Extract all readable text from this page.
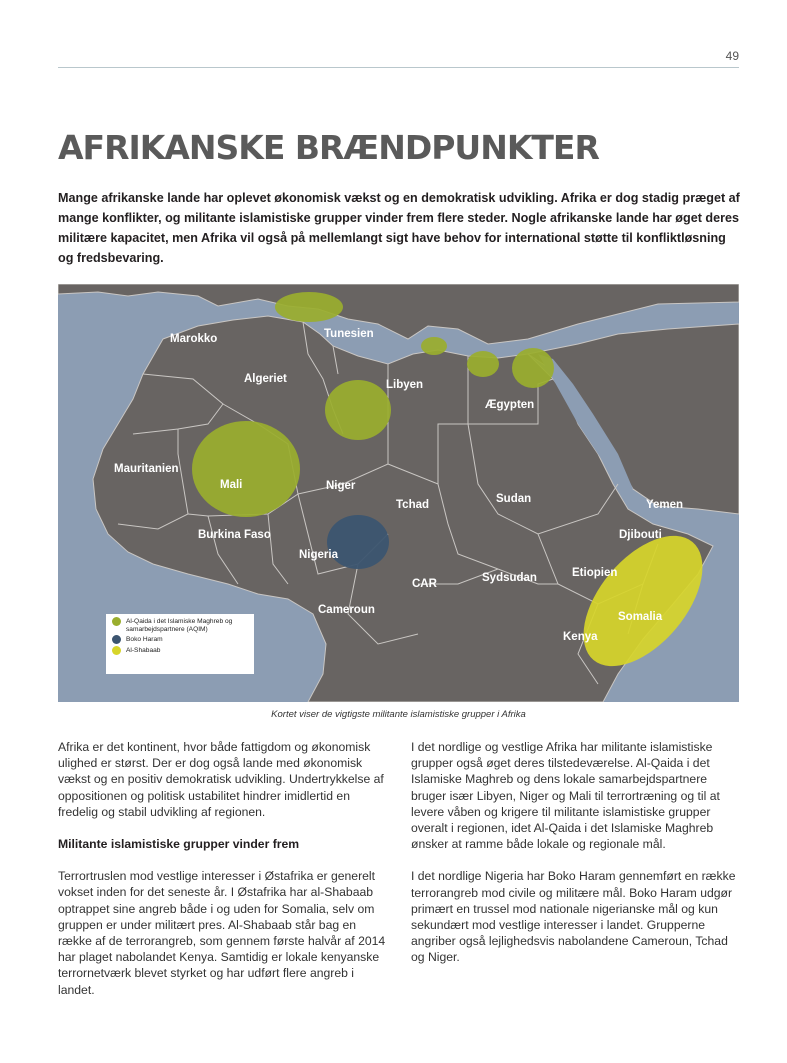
49
AFRIKANSKE BRÆNDPUNKTER

Mange afrikanske lande har oplevet økonomisk vækst og en demokratisk udvikling. Afrika er dog stadig præget af mange konflikter, og militante islamistiske grupper vinder frem flere steder. Nogle afrikanske lande har øget deres militære kapacitet, men Afrika vil også på mellemlangt sigt have behov for international støtte til konfliktløsning og fredsbevaring.

Marokko	Tunesien
Algeriet	Libyen
Ægypten
Mauritanien
Mali	Niger
Tchad	Sudan	Yemen
Burkina Faso
Nigeria
Djibouti
Etiopien
Sydsudan
CAR
Cameroun
Somalia
Kenya
Al-Qaida i det Islamiske Maghreb og samarbejdspartnere (AQIM)
Boko Haram
Al-Shabaab

Kortet viser de vigtigste militante islamistiske grupper i Afrika

Afrika er det kontinent, hvor både fattigdom og økonomisk ulighed er størst. Der er dog også lande med økonomisk vækst og en positiv demokratisk udvikling. Undertrykkelse af oppositionen og politisk ustabilitet hindrer imidlertid en fredelig og stabil udvikling af regionen.

Militante islamistiske grupper vinder frem

Terrortruslen mod vestlige interesser i Østafrika er generelt vokset inden for det seneste år. I Østafrika har al-Shabaab optrappet sine angreb både i og uden for Somalia, selv om gruppen er under militært pres. Al-Shabaab står bag en række af de terrorangreb, som gennem første halvår af 2014 har plaget nabolandet Kenya. Samtidig er lokale kenyanske terrornetværk blevet styrket og har udført flere angreb i landet.

I det nordlige og vestlige Afrika har militante islamistiske grupper også øget deres tilstedeværelse. Al-Qaida i det Islamiske Maghreb og dens lokale samarbejdspartnere bruger især Libyen, Niger og Mali til terrortræning og til at levere våben og krigere til militante islamistiske grupper overalt i regionen, idet Al-Qaida i det Islamiske Maghreb ønsker at ramme både lokale og regionale mål.

I det nordlige Nigeria har Boko Haram gennemført en række terrorangreb mod civile og militære mål. Boko Haram udgør primært en trussel mod nationale nigerianske mål og kun sekundært mod vestlige interesser i landet. Grupperne angriber også lejlighedsvis nabolandene Cameroun, Tchad og Niger.
